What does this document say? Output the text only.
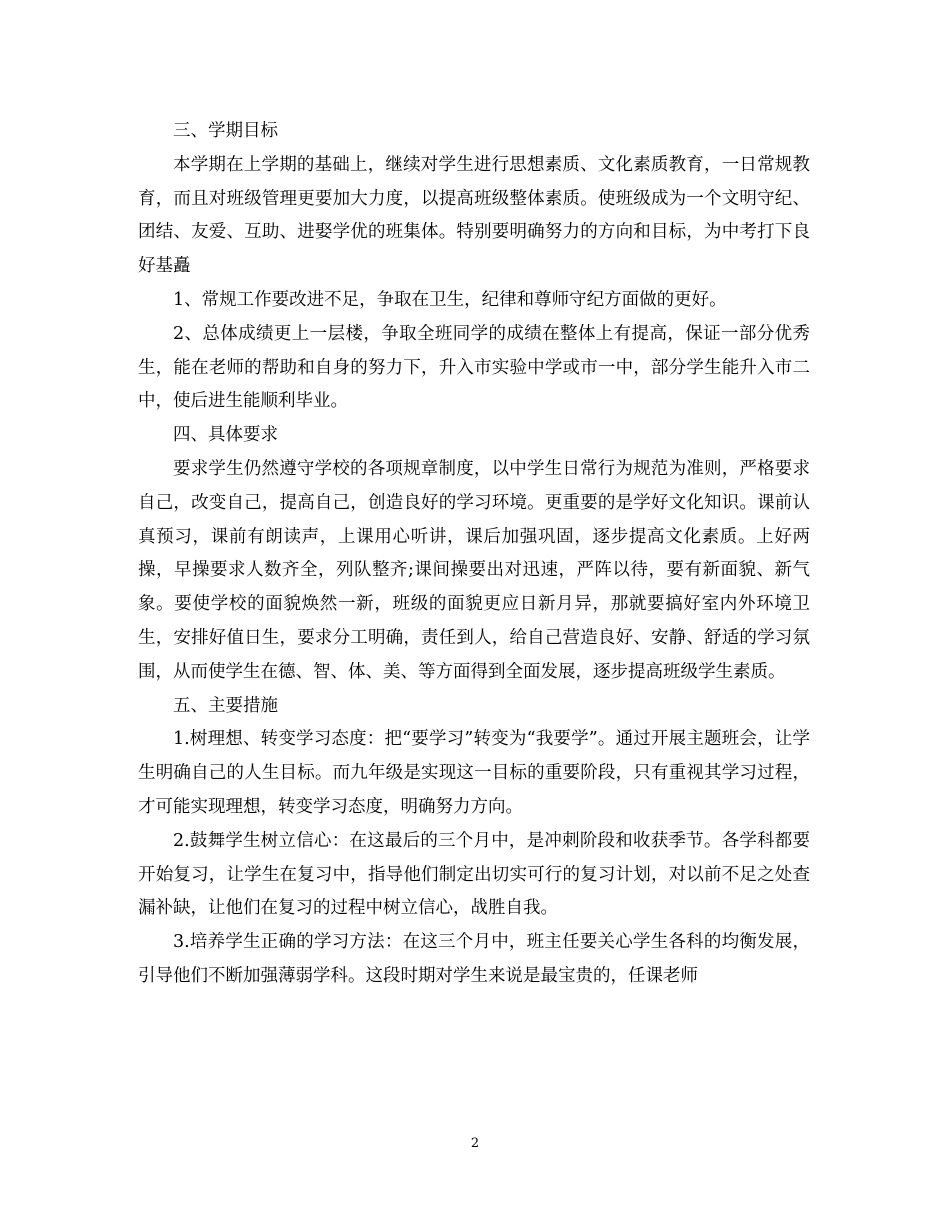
三、学期目标

本学期在上学期的基础上，继续对学生进行思想素质、文化素质教育，一日常规教育，而且对班级管理更要加大力度，以提高班级整体素质。使班级成为一个文明守纪、团结、友爱、互助、进娶学优的班集体。特别要明确努力的方向和目标，为中考打下良好基矗

1、常规工作要改进不足，争取在卫生，纪律和尊师守纪方面做的更好。

2、总体成绩更上一层楼，争取全班同学的成绩在整体上有提高，保证一部分优秀生，能在老师的帮助和自身的努力下，升入市实验中学或市一中，部分学生能升入市二中，使后进生能顺利毕业。

四、具体要求

要求学生仍然遵守学校的各项规章制度，以中学生日常行为规范为准则，严格要求自己，改变自己，提高自己，创造良好的学习环境。更重要的是学好文化知识。课前认真预习，课前有朗读声，上课用心听讲，课后加强巩固，逐步提高文化素质。上好两操，早操要求人数齐全，列队整齐;课间操要出对迅速，严阵以待，要有新面貌、新气象。要使学校的面貌焕然一新，班级的面貌更应日新月异，那就要搞好室内外环境卫生，安排好值日生，要求分工明确，责任到人，给自己营造良好、安静、舒适的学习氛围，从而使学生在德、智、体、美、等方面得到全面发展，逐步提高班级学生素质。

五、主要措施

1.树理想、转变学习态度：把“要学习”转变为“我要学”。通过开展主题班会，让学生明确自己的人生目标。而九年级是实现这一目标的重要阶段，只有重视其学习过程，才可能实现理想，转变学习态度，明确努力方向。

2.鼓舞学生树立信心：在这最后的三个月中，是冲刺阶段和收获季节。各学科都要开始复习，让学生在复习中，指导他们制定出切实可行的复习计划，对以前不足之处查漏补缺，让他们在复习的过程中树立信心，战胜自我。

3.培养学生正确的学习方法：在这三个月中，班主任要关心学生各科的均衡发展，引导他们不断加强薄弱学科。这段时期对学生来说是最宝贵的，任课老师

2
